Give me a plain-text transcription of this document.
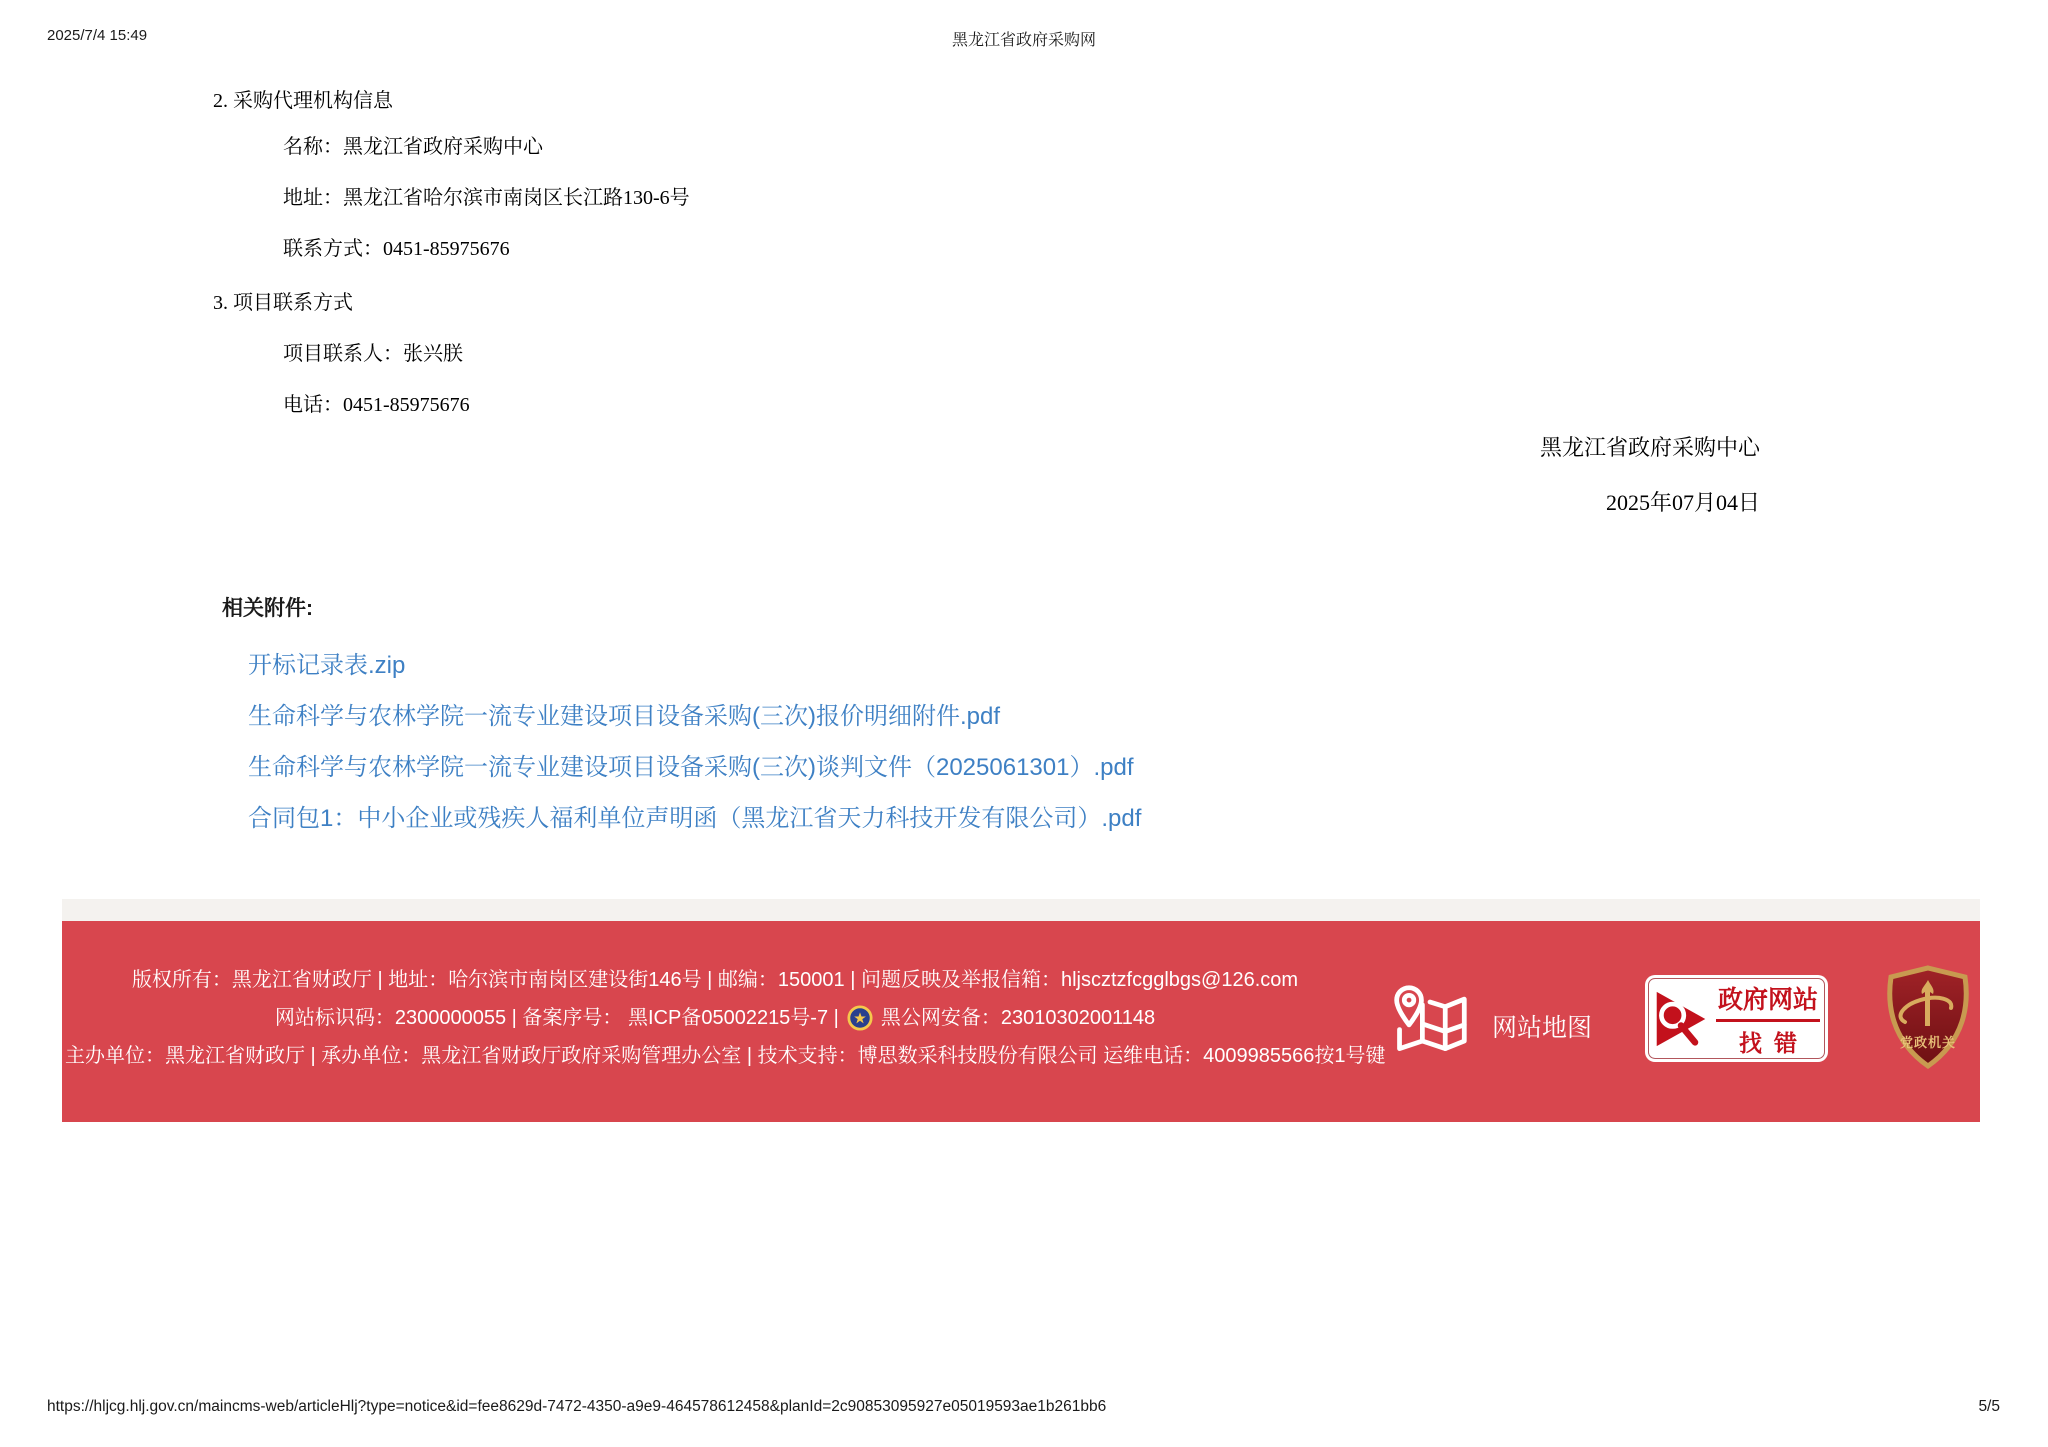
2025/7/4 15:49	黑龙江省政府采购网
2. 采购代理机构信息
名称：黑龙江省政府采购中心
地址：黑龙江省哈尔滨市南岗区长江路130-6号
联系方式：0451-85975676
3. 项目联系方式
项目联系人：张兴朕
电话：0451-85975676
黑龙江省政府采购中心
2025年07月04日
相关附件:
开标记录表.zip
生命科学与农林学院一流专业建设项目设备采购(三次)报价明细附件.pdf
生命科学与农林学院一流专业建设项目设备采购(三次)谈判文件（2025061301）.pdf
合同包1：中小企业或残疾人福利单位声明函（黑龙江省天力科技开发有限公司）.pdf
版权所有：黑龙江省财政厅 | 地址：哈尔滨市南岗区建设街146号 | 邮编：150001 | 问题反映及举报信箱：hljscztzfcgglbgs@126.com
网站标识码：2300000055 | 备案序号： 黑ICP备05002215号-7 | 黑公网安备：23010302001148
主办单位：黑龙江省财政厅 | 承办单位：黑龙江省财政厅政府采购管理办公室 | 技术支持：博思数采科技股份有限公司 运维电话：4009985566按1号键
网站地图
政府网站
找错	党政机关
https://hljcg.hlj.gov.cn/maincms-web/articleHlj?type=notice&id=fee8629d-7472-4350-a9e9-464578612458&planId=2c90853095927e05019593ae1b261bb6	5/5
